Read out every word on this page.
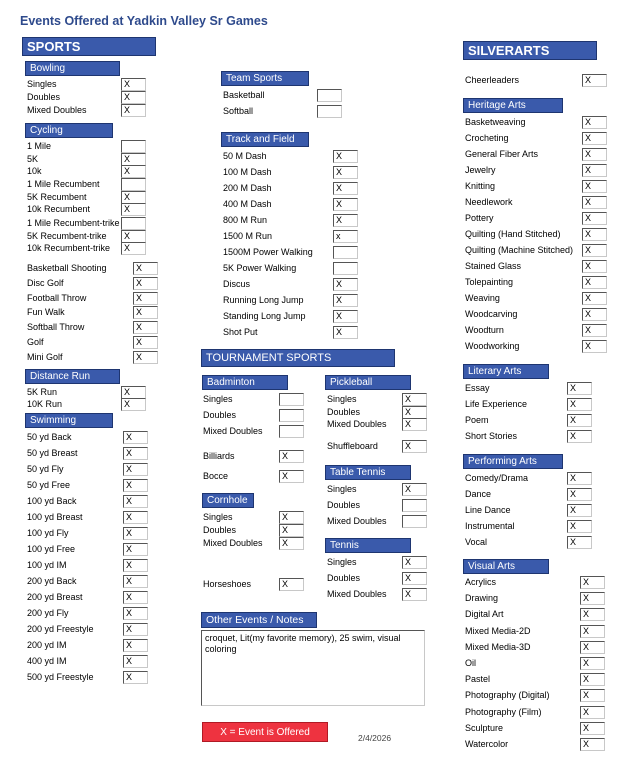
Events Offered at Yadkin Valley Sr Games
SPORTS	SILVERARTS
TOURNAMENT SPORTS
Bowling
Singles	X
Doubles	X
Mixed Doubles	X
Cycling
1 Mile
5K	X
10k	X
1 Mile Recumbent
5K Recumbent	X
10k Recumbent	X
1 Mile Recumbent-trike
5K Recumbent-trike	X
10k Recumbent-trike	X
Basketball Shooting	X
Disc Golf	X
Football Throw	X
Fun Walk	X
Softball Throw	X
Golf	X
Mini Golf	X
Distance Run
5K Run	X
10K Run	X
Swimming
50 yd Back	X
50 yd Breast	X
50 yd Fly	X
50 yd Free	X
100 yd Back	X
100 yd Breast	X
100 yd Fly	X
100 yd Free	X
100 yd IM	X
200 yd Back	X
200 yd Breast	X
200 yd Fly	X
200 yd Freestyle	X
200 yd IM	X
400 yd IM	X
500 yd Freestyle	X
Team Sports
Basketball
Softball
Track and Field
50 M Dash	X
100 M Dash	X
200 M Dash	X
400 M Dash	X
800 M Run	X
1500 M Run	x
1500M Power Walking
5K Power Walking
Discus	X
Running Long Jump	X
Standing Long Jump	X
Shot Put	X
Badminton
Singles
Doubles
Mixed Doubles
Billiards	X
Bocce	X
Cornhole
Singles	X
Doubles	X
Mixed Doubles	X
Horseshoes	X
Pickleball
Singles	X
Doubles	X
Mixed Doubles	X
Shuffleboard	X
Table Tennis
Singles	X
Doubles
Mixed Doubles
Tennis
Singles	X
Doubles	X
Mixed Doubles	X
Cheerleaders	X
Heritage Arts
Basketweaving	X
Crocheting	X
General Fiber Arts	X
Jewelry	X
Knitting	X
Needlework	X
Pottery	X
Quilting (Hand Stitched)	X
Quilting (Machine Stitched)	X
Stained Glass	X
Tolepainting	X
Weaving	X
Woodcarving	X
Woodturn	X
Woodworking	X
Literary Arts
Essay	X
Life Experience	X
Poem	X
Short Stories	X
Performing Arts
Comedy/Drama	X
Dance	X
Line Dance	X
Instrumental	X
Vocal	X
Visual Arts
Acrylics	X
Drawing	X
Digital Art	X
Mixed Media-2D	X
Mixed Media-3D	X
Oil	X
Pastel	X
Photography (Digital)	X
Photography (Film)	X
Sculpture	X
Watercolor	X
Other Events / Notes
croquet, Lit(my favorite memory), 25 swim, visual coloring
X = Event is Offered	2/4/2026
